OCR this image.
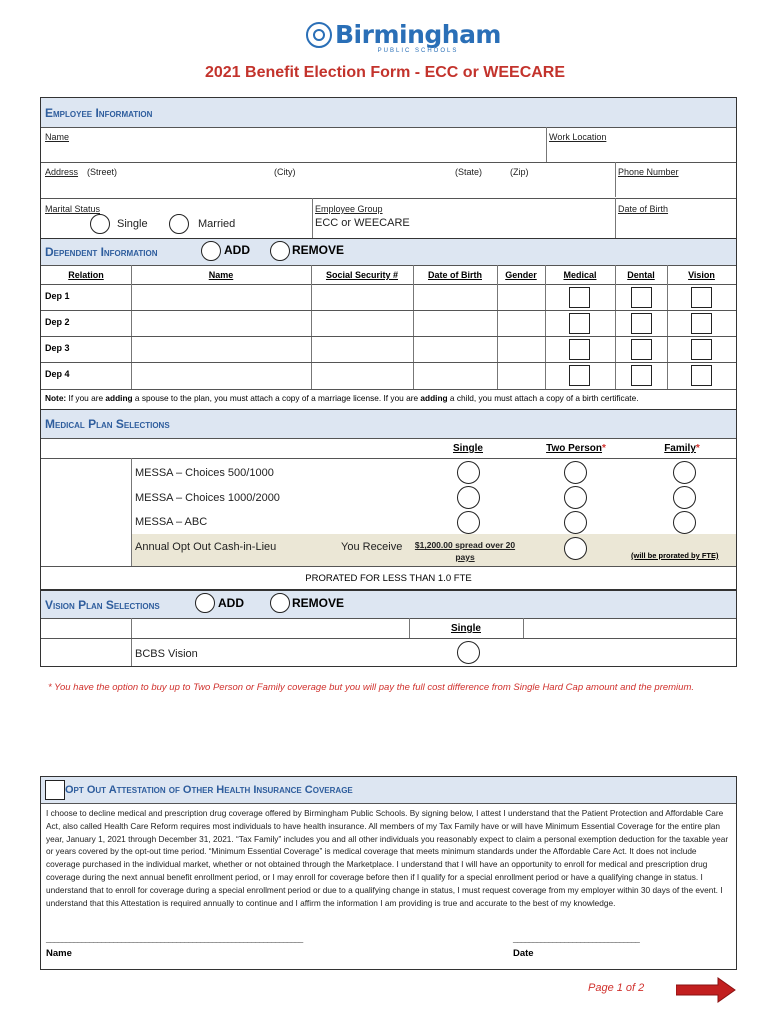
Birmingham
PUBLIC SCHOOLS
2021 Benefit Election Form - ECC or WEECARE
Employee Information
Name	Work Location
Address (Street)	(City)	(State)	(Zip)	Phone Number
Marital Status
Single	Married
Employee Group
ECC or WEECARE
Date of Birth
Dependent Information	ADD	REMOVE
Relation	Name	Social Security #	Date of Birth	Gender	Medical	Dental	Vision
Dep 1
Dep 2
Dep 3
Dep 4
Note: If you are adding a spouse to the plan, you must attach a copy of a marriage license. If you are adding a child, you must attach a copy of a birth certificate.
Medical Plan Selections
Single	Two Person*	Family*
MESSA – Choices 500/1000
MESSA – Choices 1000/2000
MESSA – ABC
Annual Opt Out Cash-in-Lieu	You Receive	$1,200.00 spread over 20 pays	(will be prorated by FTE)
PRORATED FOR LESS THAN 1.0 FTE
Vision Plan Selections	ADD	REMOVE
Single
BCBS Vision
* You have the option to buy up to Two Person or Family coverage but you will pay the full cost difference from Single Hard Cap amount and the premium.
Opt Out Attestation of Other Health Insurance Coverage
I choose to decline medical and prescription drug coverage offered by Birmingham Public Schools. By signing below, I attest I understand that the Patient Protection and Affordable Care Act, also called Health Care Reform requires most individuals to have health insurance. All members of my Tax Family have or will have Minimum Essential Coverage for the entire plan year, January 1, 2021 through December 31, 2021. “Tax Family” includes you and all other individuals you reasonably expect to claim a personal exemption deduction for the taxable year or years covered by the opt-out time period. “Minimum Essential Coverage” is medical coverage that meets minimum standards under the Affordable Care Act. It does not include coverage purchased in the individual market, whether or not obtained through the Marketplace. I understand that I will have an opportunity to enroll for medical and prescription drug coverage during the next annual benefit enrollment period, or I may enroll for coverage before then if I qualify for a special enrollment period or have a qualifying change in status. I understand that to enroll for coverage during a special enrollment period or due to a qualifying change in status, I must request coverage from my employer within 30 days of the event. I understand that this Attestation is required annually to continue and I affirm the information I am providing is true and accurate to the best of my knowledge.
_________________________________________________________________	________________________________
Name	Date
Page 1 of 2
